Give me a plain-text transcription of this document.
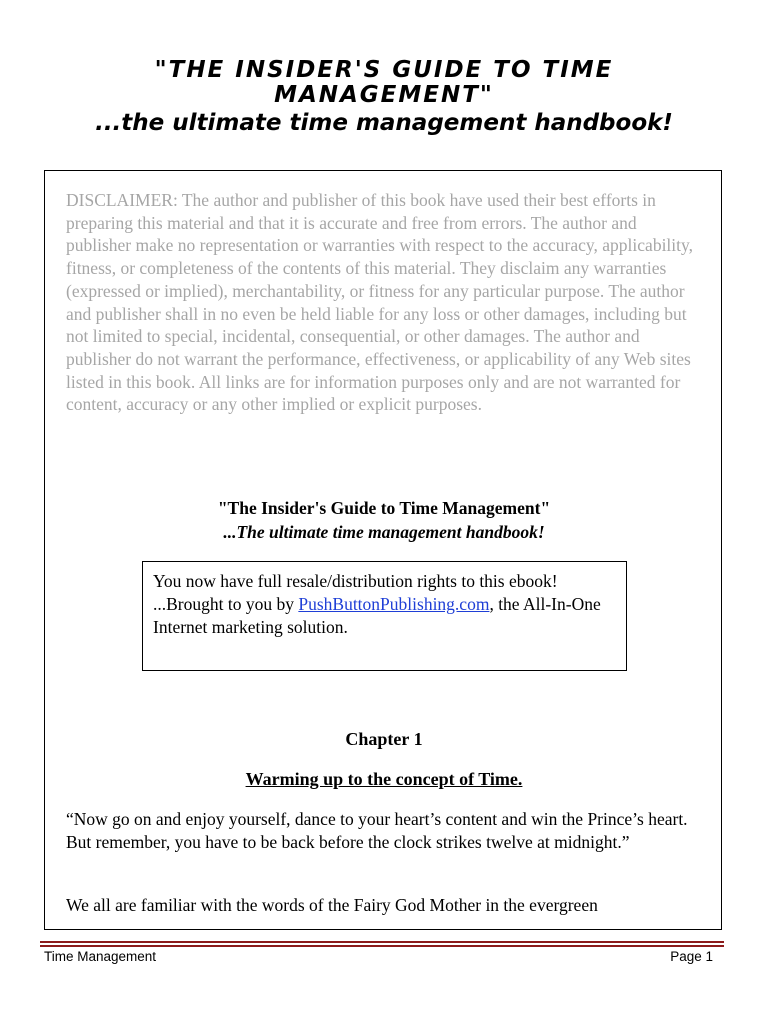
"THE INSIDER'S GUIDE TO TIME MANAGEMENT"
...the ultimate time management handbook!
DISCLAIMER: The author and publisher of this book have used their best efforts in preparing this material and that it is accurate and free from errors. The author and publisher make no representation or warranties with respect to the accuracy, applicability, fitness, or completeness of the contents of this material. They disclaim any warranties (expressed or implied), merchantability, or fitness for any particular purpose. The author and publisher shall in no even be held liable for any loss or other damages, including but not limited to special, incidental, consequential, or other damages. The author and publisher do not warrant the performance, effectiveness, or applicability of any Web sites listed in this book. All links are for information purposes only and are not warranted for content, accuracy or any other implied or explicit purposes.
"The Insider's Guide to Time Management"
...The ultimate time management handbook!
You now have full resale/distribution rights to this ebook! ...Brought to you by PushButtonPublishing.com, the All-In-One Internet marketing solution.
Chapter 1
Warming up to the concept of Time.
“Now go on and enjoy yourself, dance to your heart’s content and win the Prince’s heart. But remember, you have to be back before the clock strikes twelve at midnight.”
We all are familiar with the words of the Fairy God Mother in the evergreen
Time Management	Page 1
